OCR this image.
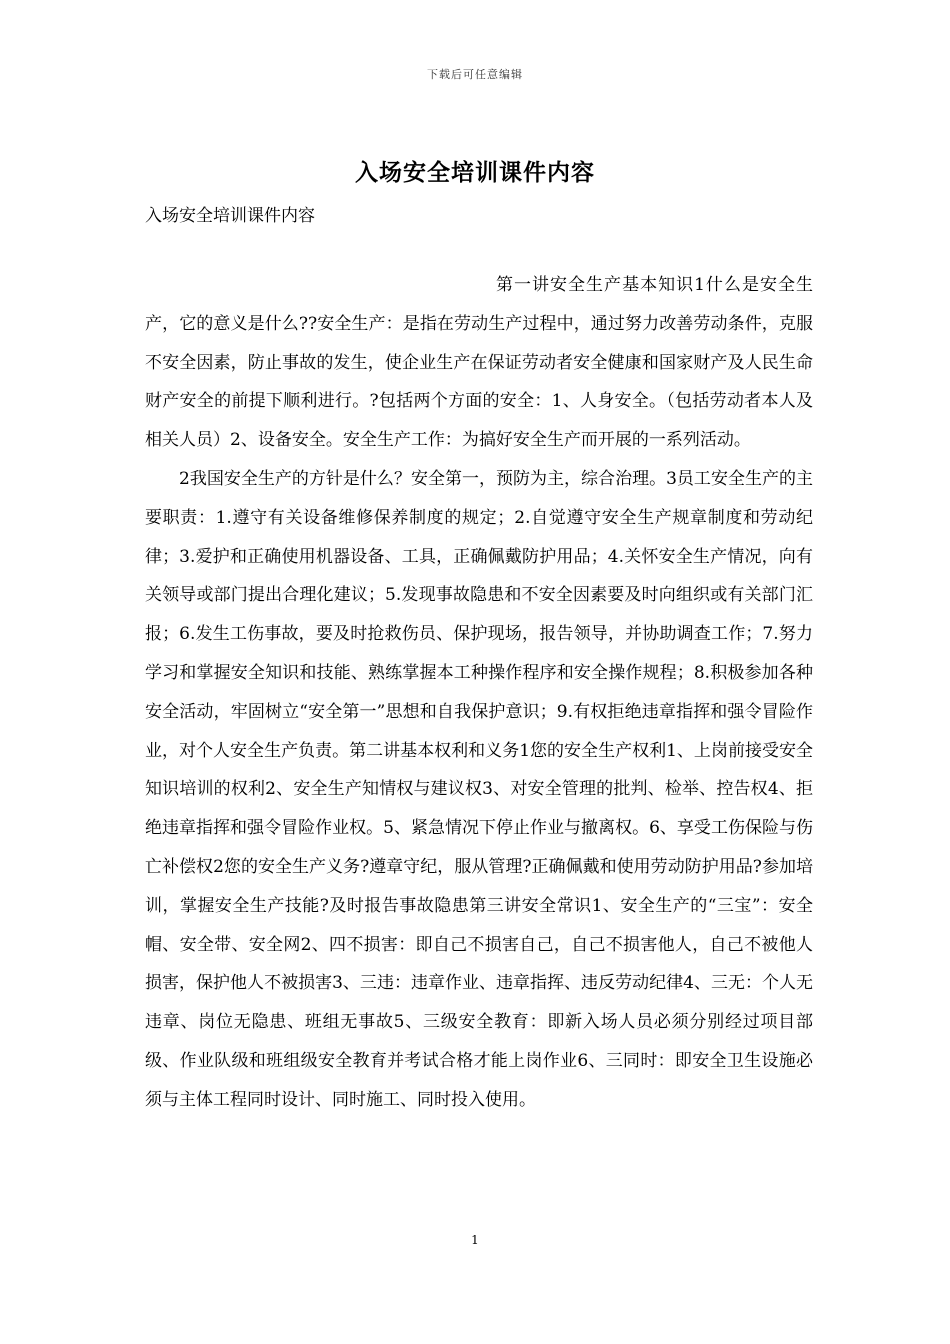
下载后可任意编辑
入场安全培训课件内容
入场安全培训课件内容

第一讲安全生产基本知识1什么是安全生产，它的意义是什么??安全生产：是指在劳动生产过程中，通过努力改善劳动条件，克服不安全因素，防止事故的发生，使企业生产在保证劳动者安全健康和国家财产及人民生命财产安全的前提下顺利进行。?包括两个方面的安全：1、人身安全。（包括劳动者本人及相关人员）2、设备安全。安全生产工作：为搞好安全生产而开展的一系列活动。

2我国安全生产的方针是什么？安全第一，预防为主，综合治理。3员工安全生产的主要职责：1.遵守有关设备维修保养制度的规定；2.自觉遵守安全生产规章制度和劳动纪律；3.爱护和正确使用机器设备、工具，正确佩戴防护用品；4.关怀安全生产情况，向有关领导或部门提出合理化建议；5.发现事故隐患和不安全因素要及时向组织或有关部门汇报；6.发生工伤事故，要及时抢救伤员、保护现场，报告领导，并协助调查工作；7.努力学习和掌握安全知识和技能、熟练掌握本工种操作程序和安全操作规程；8.积极参加各种安全活动，牢固树立“安全第一”思想和自我保护意识；9.有权拒绝违章指挥和强令冒险作业，对个人安全生产负责。第二讲基本权利和义务1您的安全生产权利1、上岗前接受安全知识培训的权利2、安全生产知情权与建议权3、对安全管理的批判、检举、控告权4、拒绝违章指挥和强令冒险作业权。5、紧急情况下停止作业与撤离权。6、享受工伤保险与伤亡补偿权2您的安全生产义务?遵章守纪，服从管理?正确佩戴和使用劳动防护用品?参加培训，掌握安全生产技能?及时报告事故隐患第三讲安全常识1、安全生产的“三宝”：安全帽、安全带、安全网2、四不损害：即自己不损害自己，自己不损害他人，自己不被他人损害，保护他人不被损害3、三违：违章作业、违章指挥、违反劳动纪律4、三无：个人无违章、岗位无隐患、班组无事故5、三级安全教育：即新入场人员必须分别经过项目部级、作业队级和班组级安全教育并考试合格才能上岗作业6、三同时：即安全卫生设施必须与主体工程同时设计、同时施工、同时投入使用。

1
